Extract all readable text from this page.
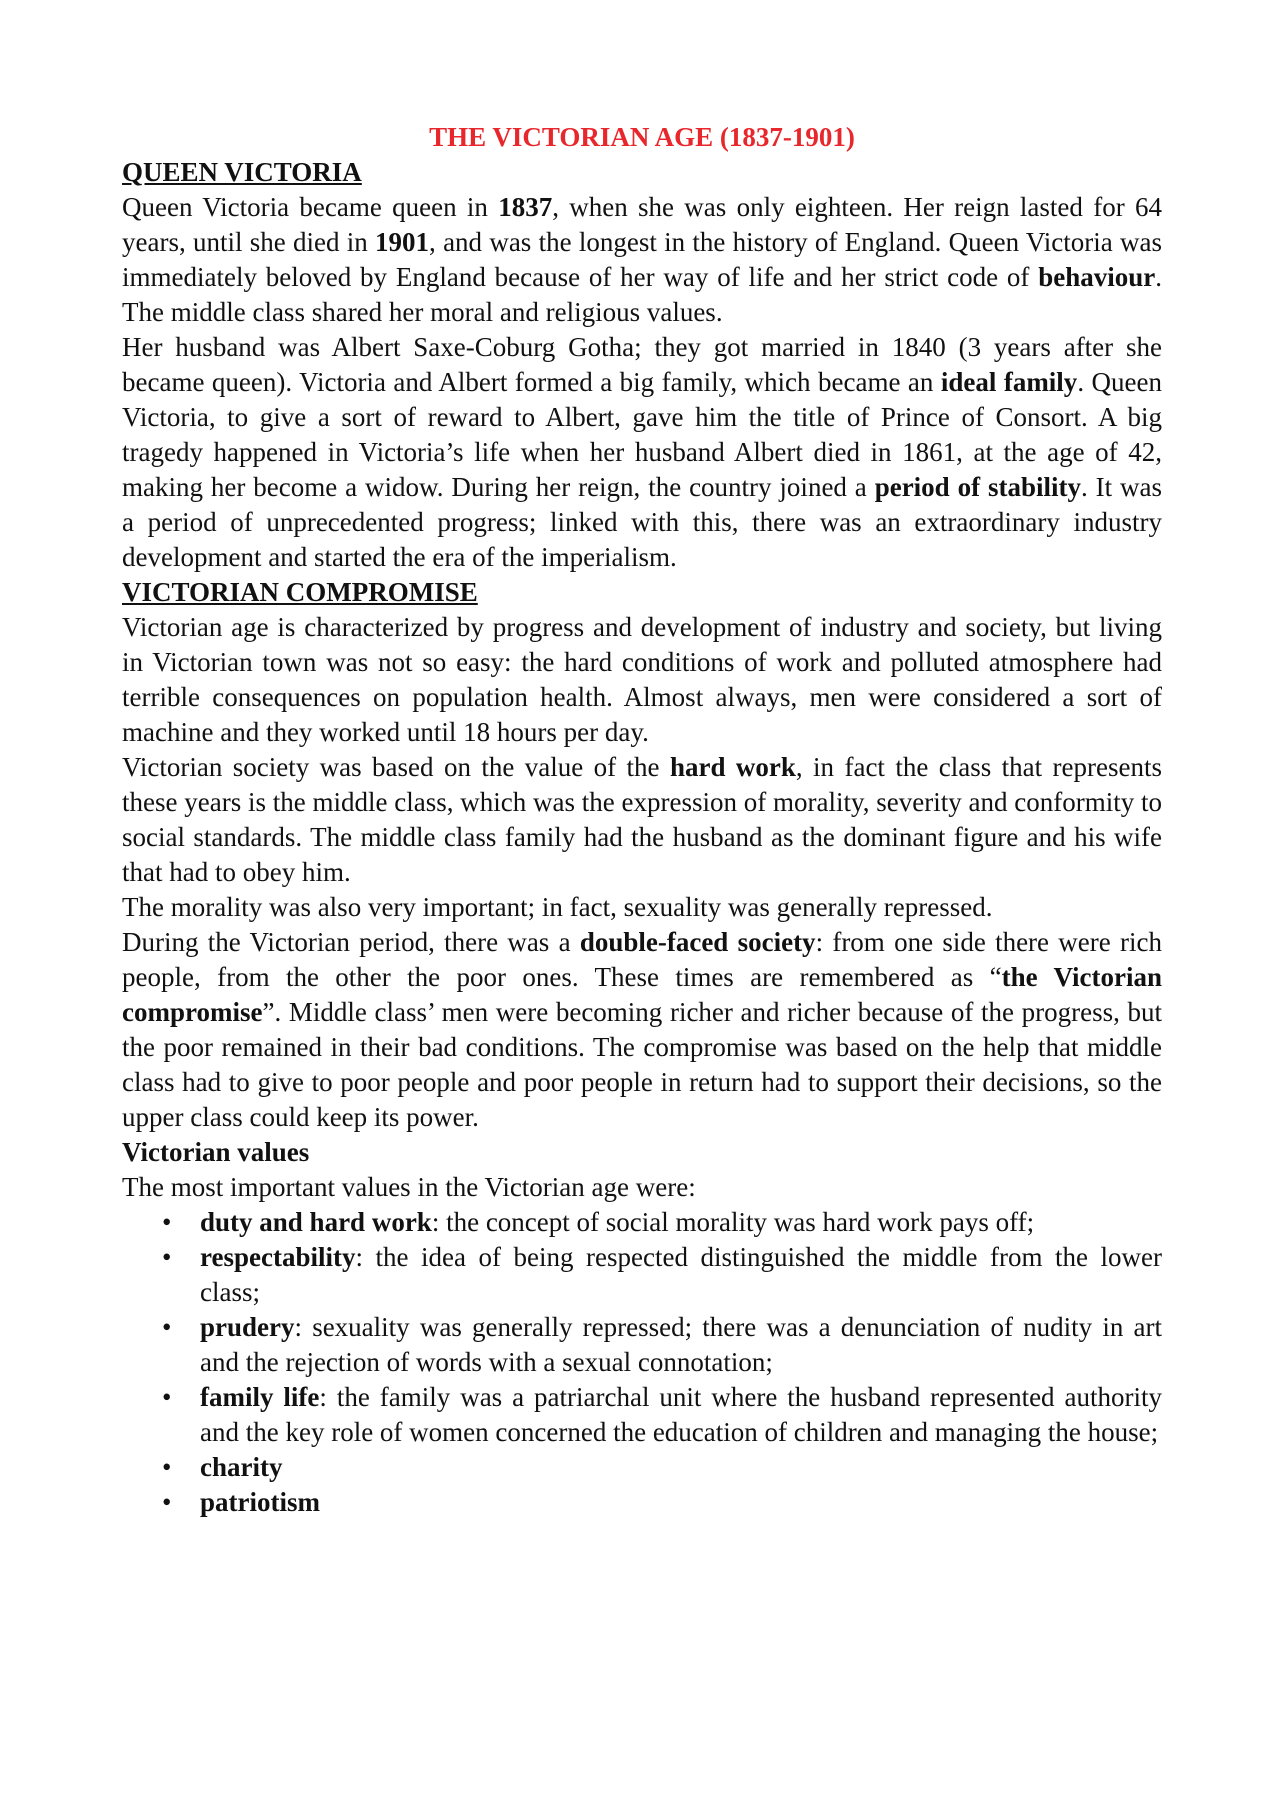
THE VICTORIAN AGE (1837-1901)
QUEEN VICTORIA

Queen Victoria became queen in 1837, when she was only eighteen. Her reign lasted for 64 years, until she died in 1901, and was the longest in the history of England. Queen Victoria was immediately beloved by England because of her way of life and her strict code of behaviour. The middle class shared her moral and religious values.

Her husband was Albert Saxe-Coburg Gotha; they got married in 1840 (3 years after she became queen). Victoria and Albert formed a big family, which became an ideal family. Queen Victoria, to give a sort of reward to Albert, gave him the title of Prince of Consort. A big tragedy happened in Victoria’s life when her husband Albert died in 1861, at the age of 42, making her become a widow. During her reign, the country joined a period of stability. It was a period of unprecedented progress; linked with this, there was an extraordinary industry development and started the era of the imperialism.

VICTORIAN COMPROMISE

Victorian age is characterized by progress and development of industry and society, but living in Victorian town was not so easy: the hard conditions of work and polluted atmosphere had terrible consequences on population health. Almost always, men were considered a sort of machine and they worked until 18 hours per day.

Victorian society was based on the value of the hard work, in fact the class that represents these years is the middle class, which was the expression of morality, severity and conformity to social standards. The middle class family had the husband as the dominant figure and his wife that had to obey him.

The morality was also very important; in fact, sexuality was generally repressed.

During the Victorian period, there was a double-faced society: from one side there were rich people, from the other the poor ones. These times are remembered as “the Victorian compromise”. Middle class’ men were becoming richer and richer because of the progress, but the poor remained in their bad conditions. The compromise was based on the help that middle class had to give to poor people and poor people in return had to support their decisions, so the upper class could keep its power.

Victorian values

The most important values in the Victorian age were:

• duty and hard work: the concept of social morality was hard work pays off;
• respectability: the idea of being respected distinguished the middle from the lower class;
• prudery: sexuality was generally repressed; there was a denunciation of nudity in art and the rejection of words with a sexual connotation;
• family life: the family was a patriarchal unit where the husband represented authority and the key role of women concerned the education of children and managing the house;
• charity
• patriotism
